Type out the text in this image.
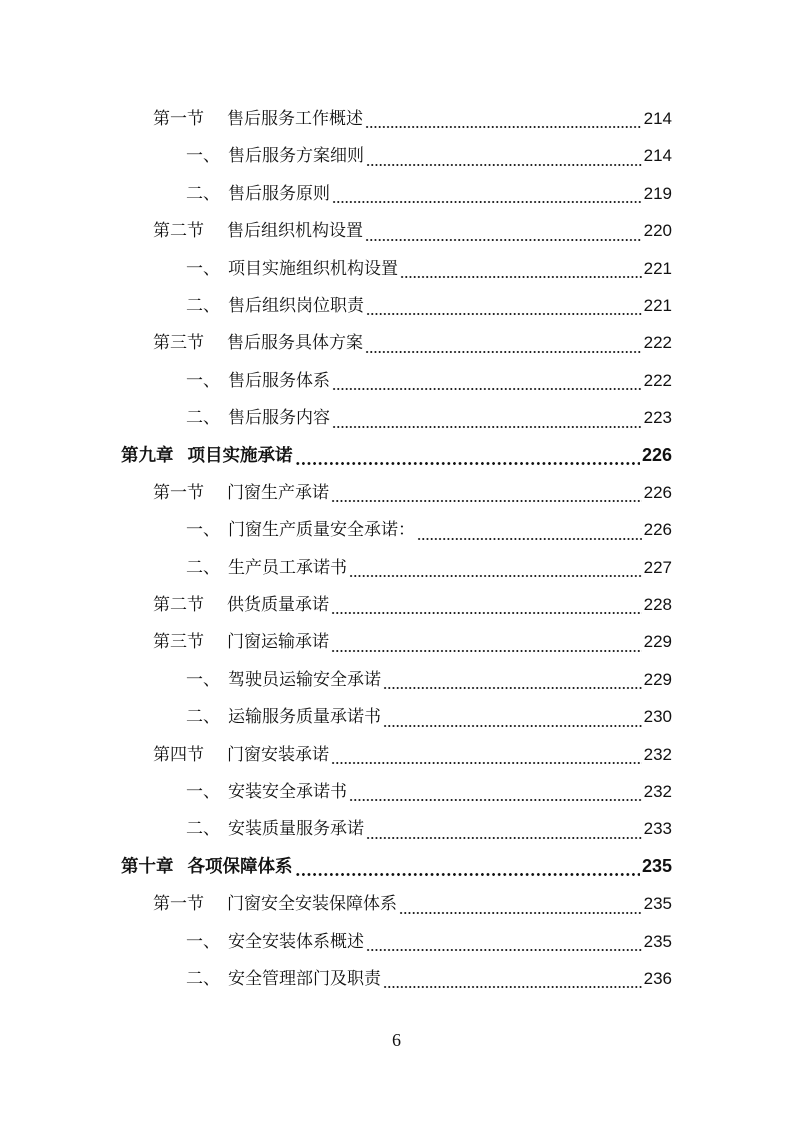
第一节	售后服务工作概述	214
一、 售后服务方案细则	214
二、 售后服务原则	219
第二节	售后组织机构设置	220
一、 项目实施组织机构设置	221
二、 售后组织岗位职责	221
第三节	售后服务具体方案	222
一、 售后服务体系	222
二、 售后服务内容	223
第九章 项目实施承诺	226
第一节	门窗生产承诺	226
一、 门窗生产质量安全承诺：	226
二、 生产员工承诺书	227
第二节	供货质量承诺	228
第三节	门窗运输承诺	229
一、 驾驶员运输安全承诺	229
二、 运输服务质量承诺书	230
第四节	门窗安装承诺	232
一、 安装安全承诺书	232
二、 安装质量服务承诺	233
第十章 各项保障体系	235
第一节	门窗安全安装保障体系	235
一、 安全安装体系概述	235
二、 安全管理部门及职责	236
6
